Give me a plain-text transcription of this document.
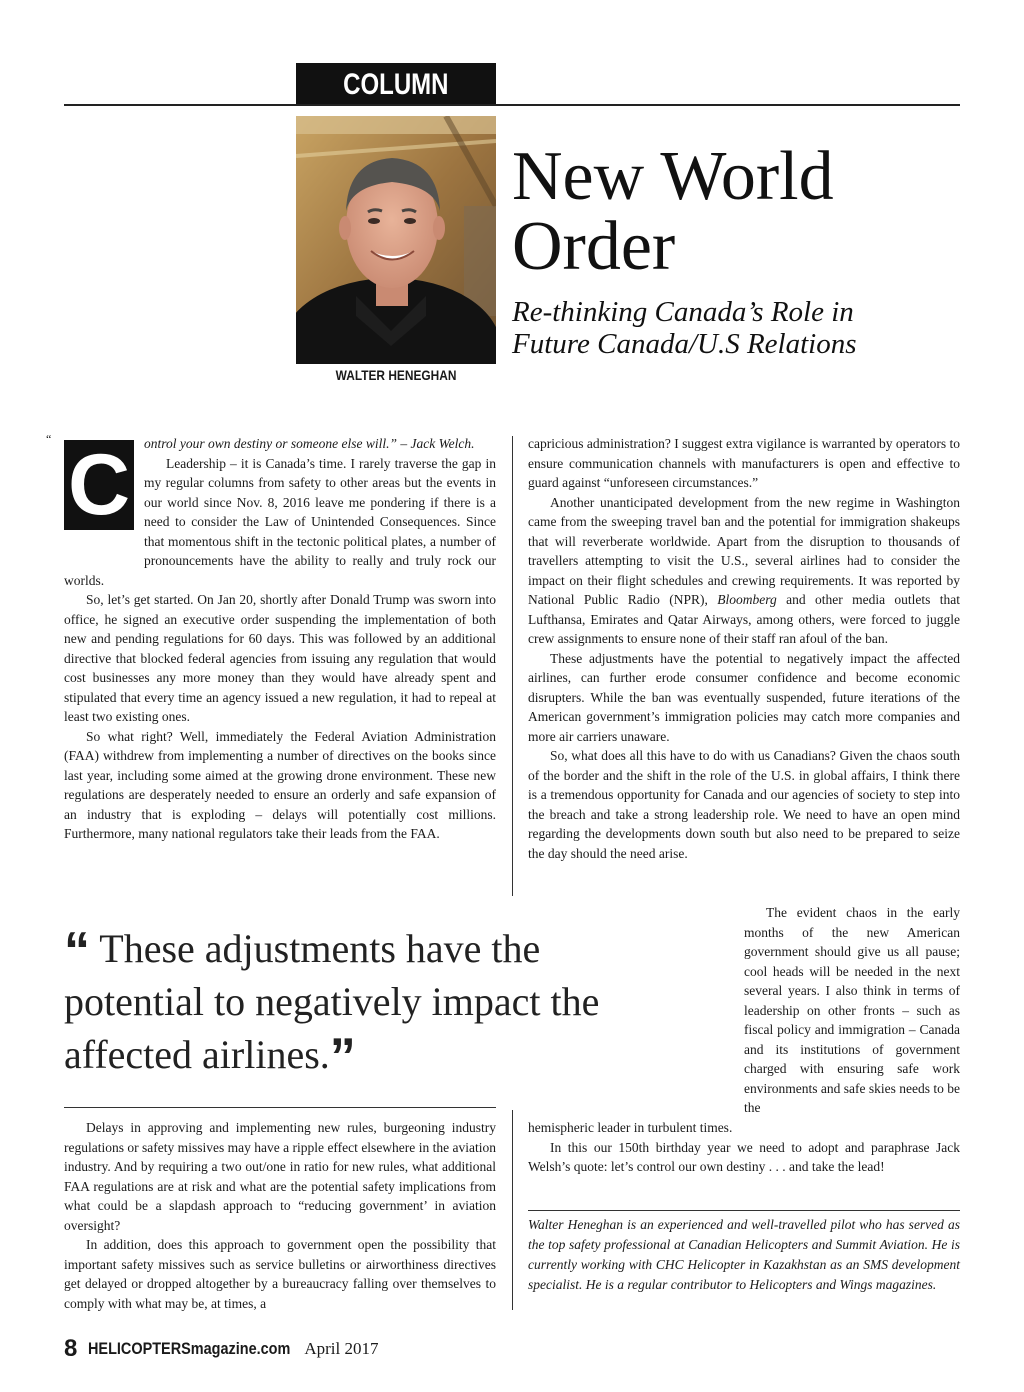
COLUMN
WALTER HENEGHAN
New World
Order
Re-thinking Canada’s Role in
Future Canada/U.S Relations
“ C	ontrol your own destiny or someone else will.” – Jack Welch.

Leadership – it is Canada’s time. I rarely traverse the gap in my regular columns from safety to other areas but the events in our world since Nov. 8, 2016 leave me pondering if there is a need to consider the Law of Unintended Consequences. Since that momentous shift in the tectonic political plates, a number of pronouncements have the ability to really and truly rock our worlds.

So, let’s get started. On Jan 20, shortly after Donald Trump was sworn into office, he signed an executive order suspending the implementation of both new and pending regulations for 60 days. This was followed by an additional directive that blocked federal agencies from issuing any regulation that would cost businesses any more money than they would have already spent and stipulated that every time an agency issued a new regulation, it had to repeal at least two existing ones.

So what right? Well, immediately the Federal Aviation Administration (FAA) withdrew from implementing a number of directives on the books since last year, including some aimed at the growing drone environment. These new regulations are desperately needed to ensure an orderly and safe expansion of an industry that is exploding – delays will potentially cost millions. Furthermore, many national regulators take their leads from the FAA.

capricious administration? I suggest extra vigilance is warranted by operators to ensure communication channels with manufacturers is open and effective to guard against “unforeseen circumstances.”

Another unanticipated development from the new regime in Washington came from the sweeping travel ban and the potential for immigration shakeups that will reverberate worldwide. Apart from the disruption to thousands of travellers attempting to visit the U.S., several airlines had to consider the impact on their flight schedules and crewing requirements. It was reported by National Public Radio (NPR), Bloomberg and other media outlets that Lufthansa, Emirates and Qatar Airways, among others, were forced to juggle crew assignments to ensure none of their staff ran afoul of the ban.

These adjustments have the potential to negatively impact the affected airlines, can further erode consumer confidence and become economic disrupters. While the ban was eventually suspended, future iterations of the American government’s immigration policies may catch more companies and more air carriers unaware.

So, what does all this have to do with us Canadians? Given the chaos south of the border and the shift in the role of the U.S. in global affairs, I think there is a tremendous opportunity for Canada and our agencies of society to step into the breach and take a strong leadership role. We need to have an open mind regarding the developments down south but also need to be prepared to seize the day should the need arise.

The evident chaos in the early months of the new American government should give us all pause; cool heads will be needed in the next several years. I also think in terms of leadership on other fronts – such as fiscal policy and immigration – Canada and its institutions of government charged with ensuring safe work environments and safe skies needs to be the

“ These adjustments have the potential to negatively impact the affected airlines.”

Delays in approving and implementing new rules, burgeoning industry regulations or safety missives may have a ripple effect elsewhere in the aviation industry. And by requiring a two out/one in ratio for new rules, what additional FAA regulations are at risk and what are the potential safety implications from what could be a slapdash approach to “reducing government’ in aviation oversight?

In addition, does this approach to government open the possibility that important safety missives such as service bulletins or airworthiness directives get delayed or dropped altogether by a bureaucracy falling over themselves to comply with what may be, at times, a

hemispheric leader in turbulent times.

In this our 150th birthday year we need to adopt and paraphrase Jack Welsh’s quote: let’s control our own destiny . . . and take the lead!

Walter Heneghan is an experienced and well-travelled pilot who has served as the top safety professional at Canadian Helicopters and Summit Aviation. He is currently working with CHC Helicopter in Kazakhstan as an SMS development specialist. He is a regular contributor to Helicopters and Wings magazines.
8 HELICOPTERSmagazine.com April 2017
